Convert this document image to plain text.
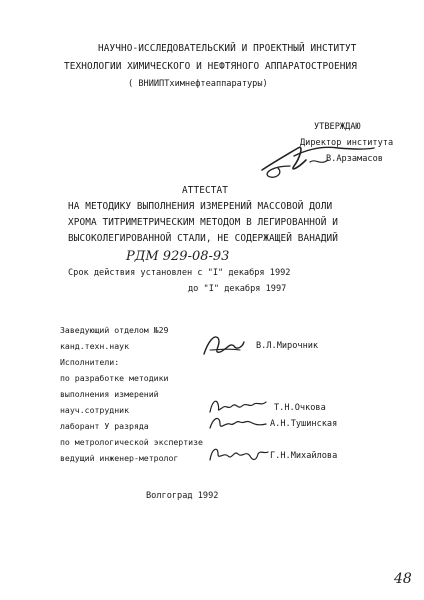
НАУЧНО-ИССЛЕДОВАТЕЛЬСКИЙ И ПРОЕКТНЫЙ ИНСТИТУТ
ТЕХНОЛОГИИ ХИМИЧЕСКОГО И НЕФТЯНОГО АППАРАТОСТРОЕНИЯ
( ВНИИПТхимнефтеаппаратуры)
УТВЕРЖДАЮ
Директор института
В.Арзамасов
АТТЕСТАТ
НА МЕТОДИКУ ВЫПОЛНЕНИЯ ИЗМЕРЕНИЙ МАССОВОЙ ДОЛИ
ХРОМА ТИТРИМЕТРИЧЕСКИМ МЕТОДОМ В ЛЕГИРОВАННОЙ И
ВЫСОКОЛЕГИРОВАННОЙ СТАЛИ, НЕ СОДЕРЖАЩЕЙ ВАНАДИЙ
РДМ 929-08-93
Срок действия установлен с "I" декабря 1992
до "I" декабря 1997
Заведующий отделом №29
канд.техн.наук	В.Л.Мирочник
Исполнители:
по разработке методики
выполнения измерений
науч.сотрудник	Т.Н.Очкова
лаборант У разряда	А.Н.Тушинская
по метрологической экспертизе
ведущий инженер-метролог	Г.Н.Михайлова
Волгоград 1992
48
